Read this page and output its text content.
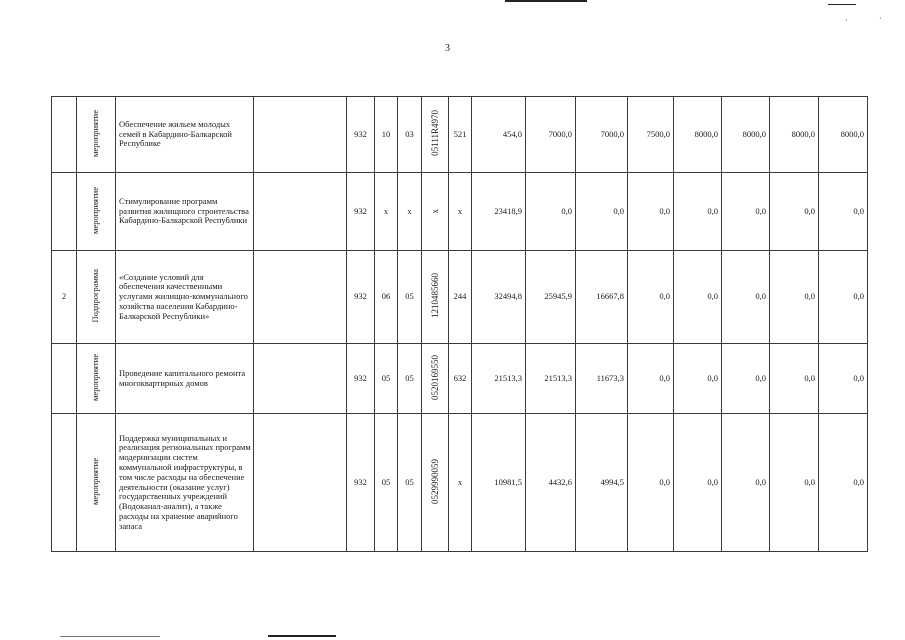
·	·
3
	мероприятие	Обеспечение жильем молодых семей в Кабардино-Балкарской Республике		932	10	03	05111R4970	521	454,0	7000,0	7000,0	7500,0	8000,0	8000,0	8000,0	8000,0
	мероприятие	Стимулирование программ развития жилищного строительства Кабардино-Балкарской Республики		932	х	х	х	х	23418,9	0,0	0,0	0,0	0,0	0,0	0,0	0,0
2	Подпрограмма	«Создание условий для обеспечения качественными услугами жилищно-коммунального хозяйства населения Кабардино-Балкарской Республики»		932	06	05	1210485660	244	32494,8	25945,9	16667,8	0,0	0,0	0,0	0,0	0,0
	мероприятие	Проведение капитального ремонта многоквартирных домов		932	05	05	0520169550	632	21513,3	21513,3	11673,3	0,0	0,0	0,0	0,0	0,0
	мероприятие	Поддержка муниципальных и реализация региональных программ модернизации систем коммунальной инфраструктуры, в том числе расходы на обеспечение деятельности (оказание услуг) государственных учреждений (Водоканал-анализ), а также расходы на хранение аварийного запаса		932	05	05	0529990059	х	10981,5	4432,6	4994,5	0,0	0,0	0,0	0,0	0,0
